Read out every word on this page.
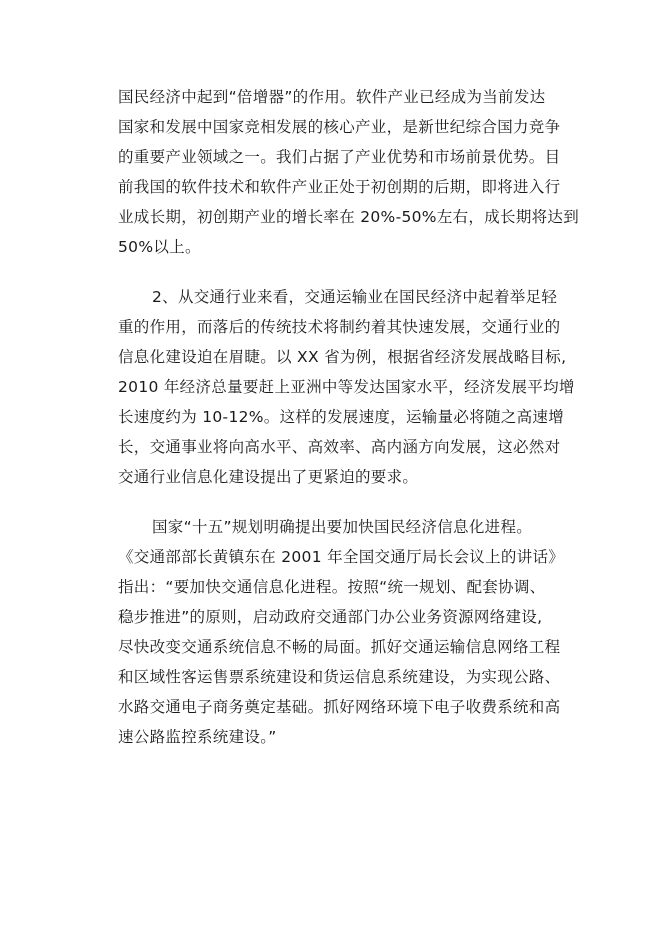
国民经济中起到“倍增器”的作用。软件产业已经成为当前发达
国家和发展中国家竞相发展的核心产业，是新世纪综合国力竞争
的重要产业领域之一。我们占据了产业优势和市场前景优势。目
前我国的软件技术和软件产业正处于初创期的后期，即将进入行
业成长期，初创期产业的增长率在 20%-50%左右，成长期将达到
50%以上。
2、从交通行业来看，交通运输业在国民经济中起着举足轻
重的作用，而落后的传统技术将制约着其快速发展，交通行业的
信息化建设迫在眉睫。以 XX 省为例，根据省经济发展战略目标,
2010 年经济总量要赶上亚洲中等发达国家水平，经济发展平均增
长速度约为 10-12%。这样的发展速度，运输量必将随之高速增
长，交通事业将向高水平、高效率、高内涵方向发展，这必然对
交通行业信息化建设提出了更紧迫的要求。
国家“十五”规划明确提出要加快国民经济信息化进程。
《交通部部长黄镇东在 2001 年全国交通厅局长会议上的讲话》
指出：“要加快交通信息化进程。按照“统一规划、配套协调、
稳步推进”的原则，启动政府交通部门办公业务资源网络建设,
尽快改变交通系统信息不畅的局面。抓好交通运输信息网络工程
和区域性客运售票系统建设和货运信息系统建设，为实现公路、
水路交通电子商务奠定基础。抓好网络环境下电子收费系统和高
速公路监控系统建设。”
